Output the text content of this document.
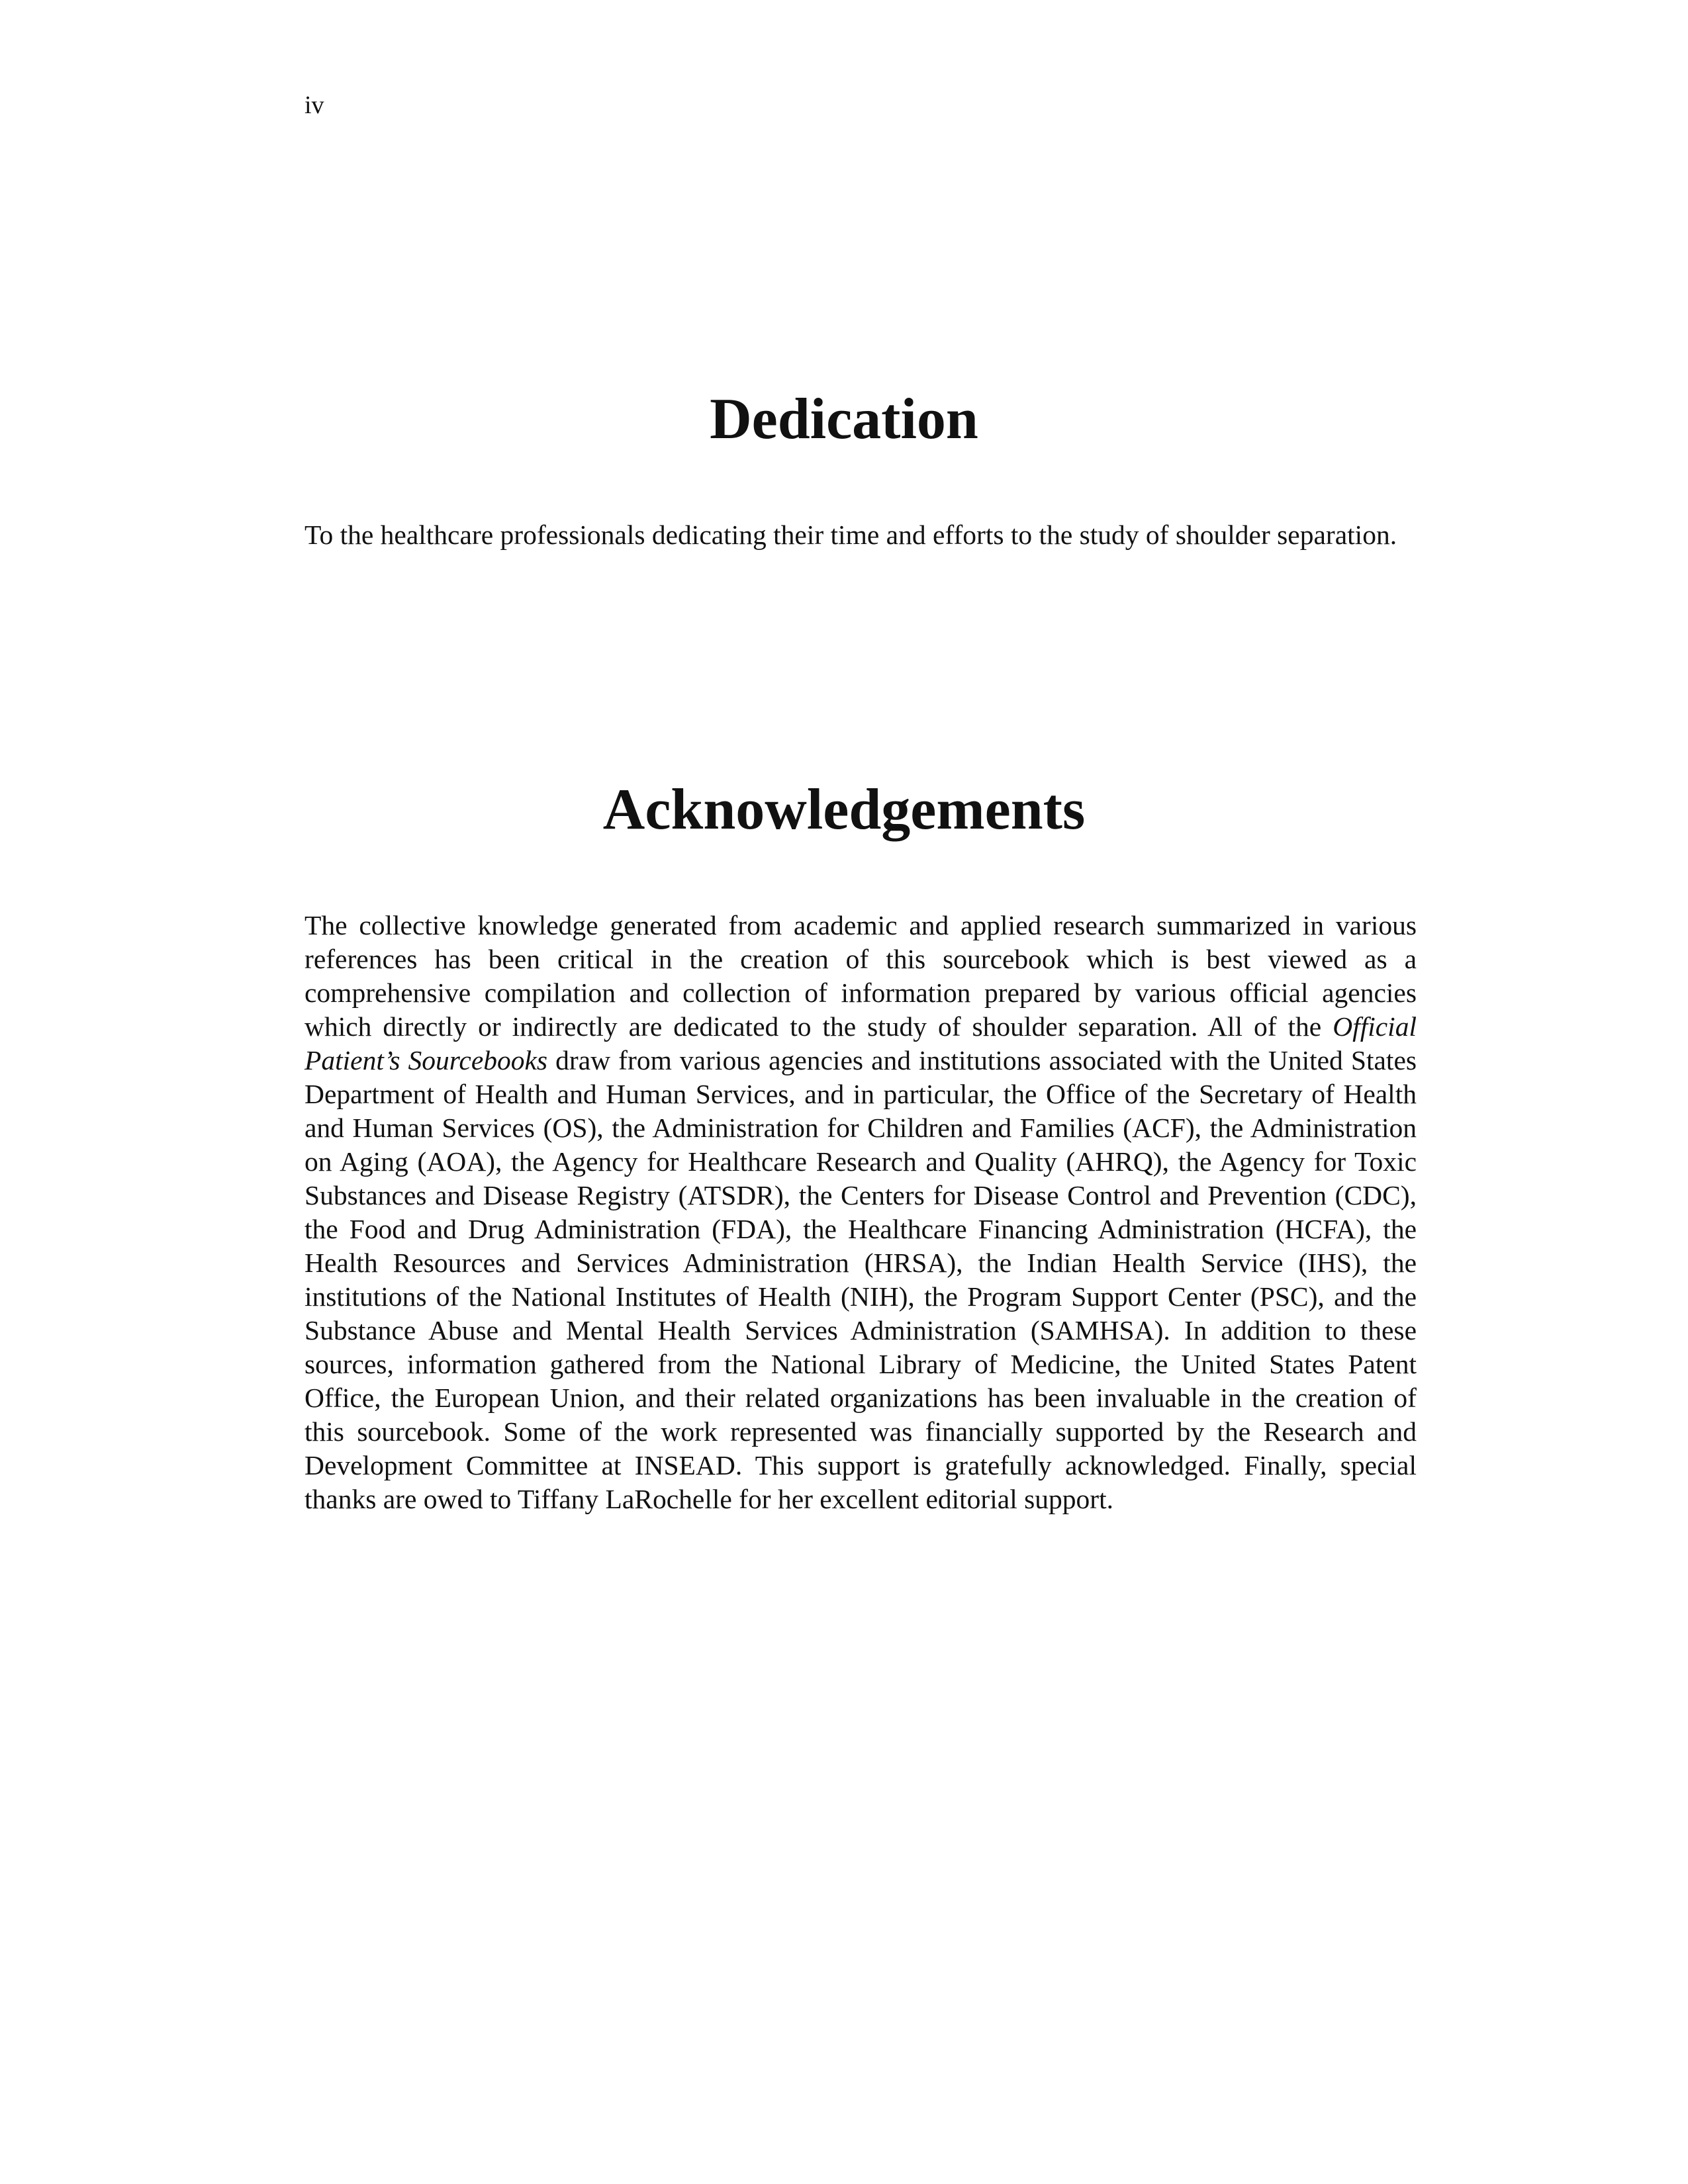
iv
Dedication

To the healthcare professionals dedicating their time and efforts to the study of shoulder separation.

Acknowledgements

The collective knowledge generated from academic and applied research summarized in various references has been critical in the creation of this sourcebook which is best viewed as a comprehensive compilation and collection of information prepared by various official agencies which directly or indirectly are dedicated to the study of shoulder separation. All of the Official Patient’s Sourcebooks draw from various agencies and institutions associated with the United States Department of Health and Human Services, and in particular, the Office of the Secretary of Health and Human Services (OS), the Administration for Children and Families (ACF), the Administration on Aging (AOA), the Agency for Healthcare Research and Quality (AHRQ), the Agency for Toxic Substances and Disease Registry (ATSDR), the Centers for Disease Control and Prevention (CDC), the Food and Drug Administration (FDA), the Healthcare Financing Administration (HCFA), the Health Resources and Services Administration (HRSA), the Indian Health Service (IHS), the institutions of the National Institutes of Health (NIH), the Program Support Center (PSC), and the Substance Abuse and Mental Health Services Administration (SAMHSA). In addition to these sources, information gathered from the National Library of Medicine, the United States Patent Office, the European Union, and their related organizations has been invaluable in the creation of this sourcebook. Some of the work represented was financially supported by the Research and Development Committee at INSEAD. This support is gratefully acknowledged. Finally, special thanks are owed to Tiffany LaRochelle for her excellent editorial support.
